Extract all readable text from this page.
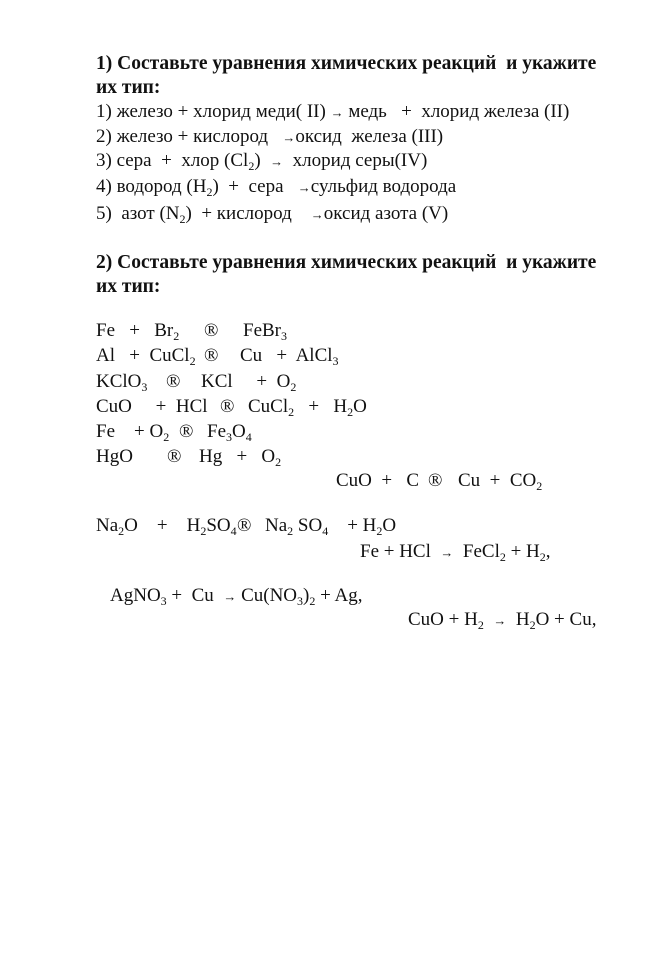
1) Составьте уравнения химических реакций  и укажите
их тип:
1) железо + хлорид меди( II) → медь   +  хлорид железа (II)
2) железо + кислород   →оксид  железа (III)
3) сера  +  хлор $(Cl_2)$  →  хлорид серы(IV)
4) водород $(H_2)$  +  сера   →сульфид водорода
5)  азот $(N_2)$  + кислород    →оксид азота (V)
2) Составьте уравнения химических реакций  и укажите
их тип:
$Fe + Br_2$ ® FeBr$_3$
Al   +  CuCl$_2$ ® Cu   +  AlCl$_3$
KClO$_3$ ® KCl     +  $O_2$
CuO     +  HCl ® CuCl$_2$   +   $H_2O$
Fe    + $O_2$ ® $Fe_3O_4$
HgO ® $Hg + O_2$
CuO  +   C ® $Cu + CO_2$
$Na_2O$    +    $H_2SO_4$ ® $Na_2$ $SO_4$    + $H_2O$
Fe + HCl  →  FeCl$_2$ + $H_2$,
AgNO$_3$ +  $Cu \to Cu(NO_3)_2 + Ag$,
CuO + $H_2 \to H_2O + Cu$,
